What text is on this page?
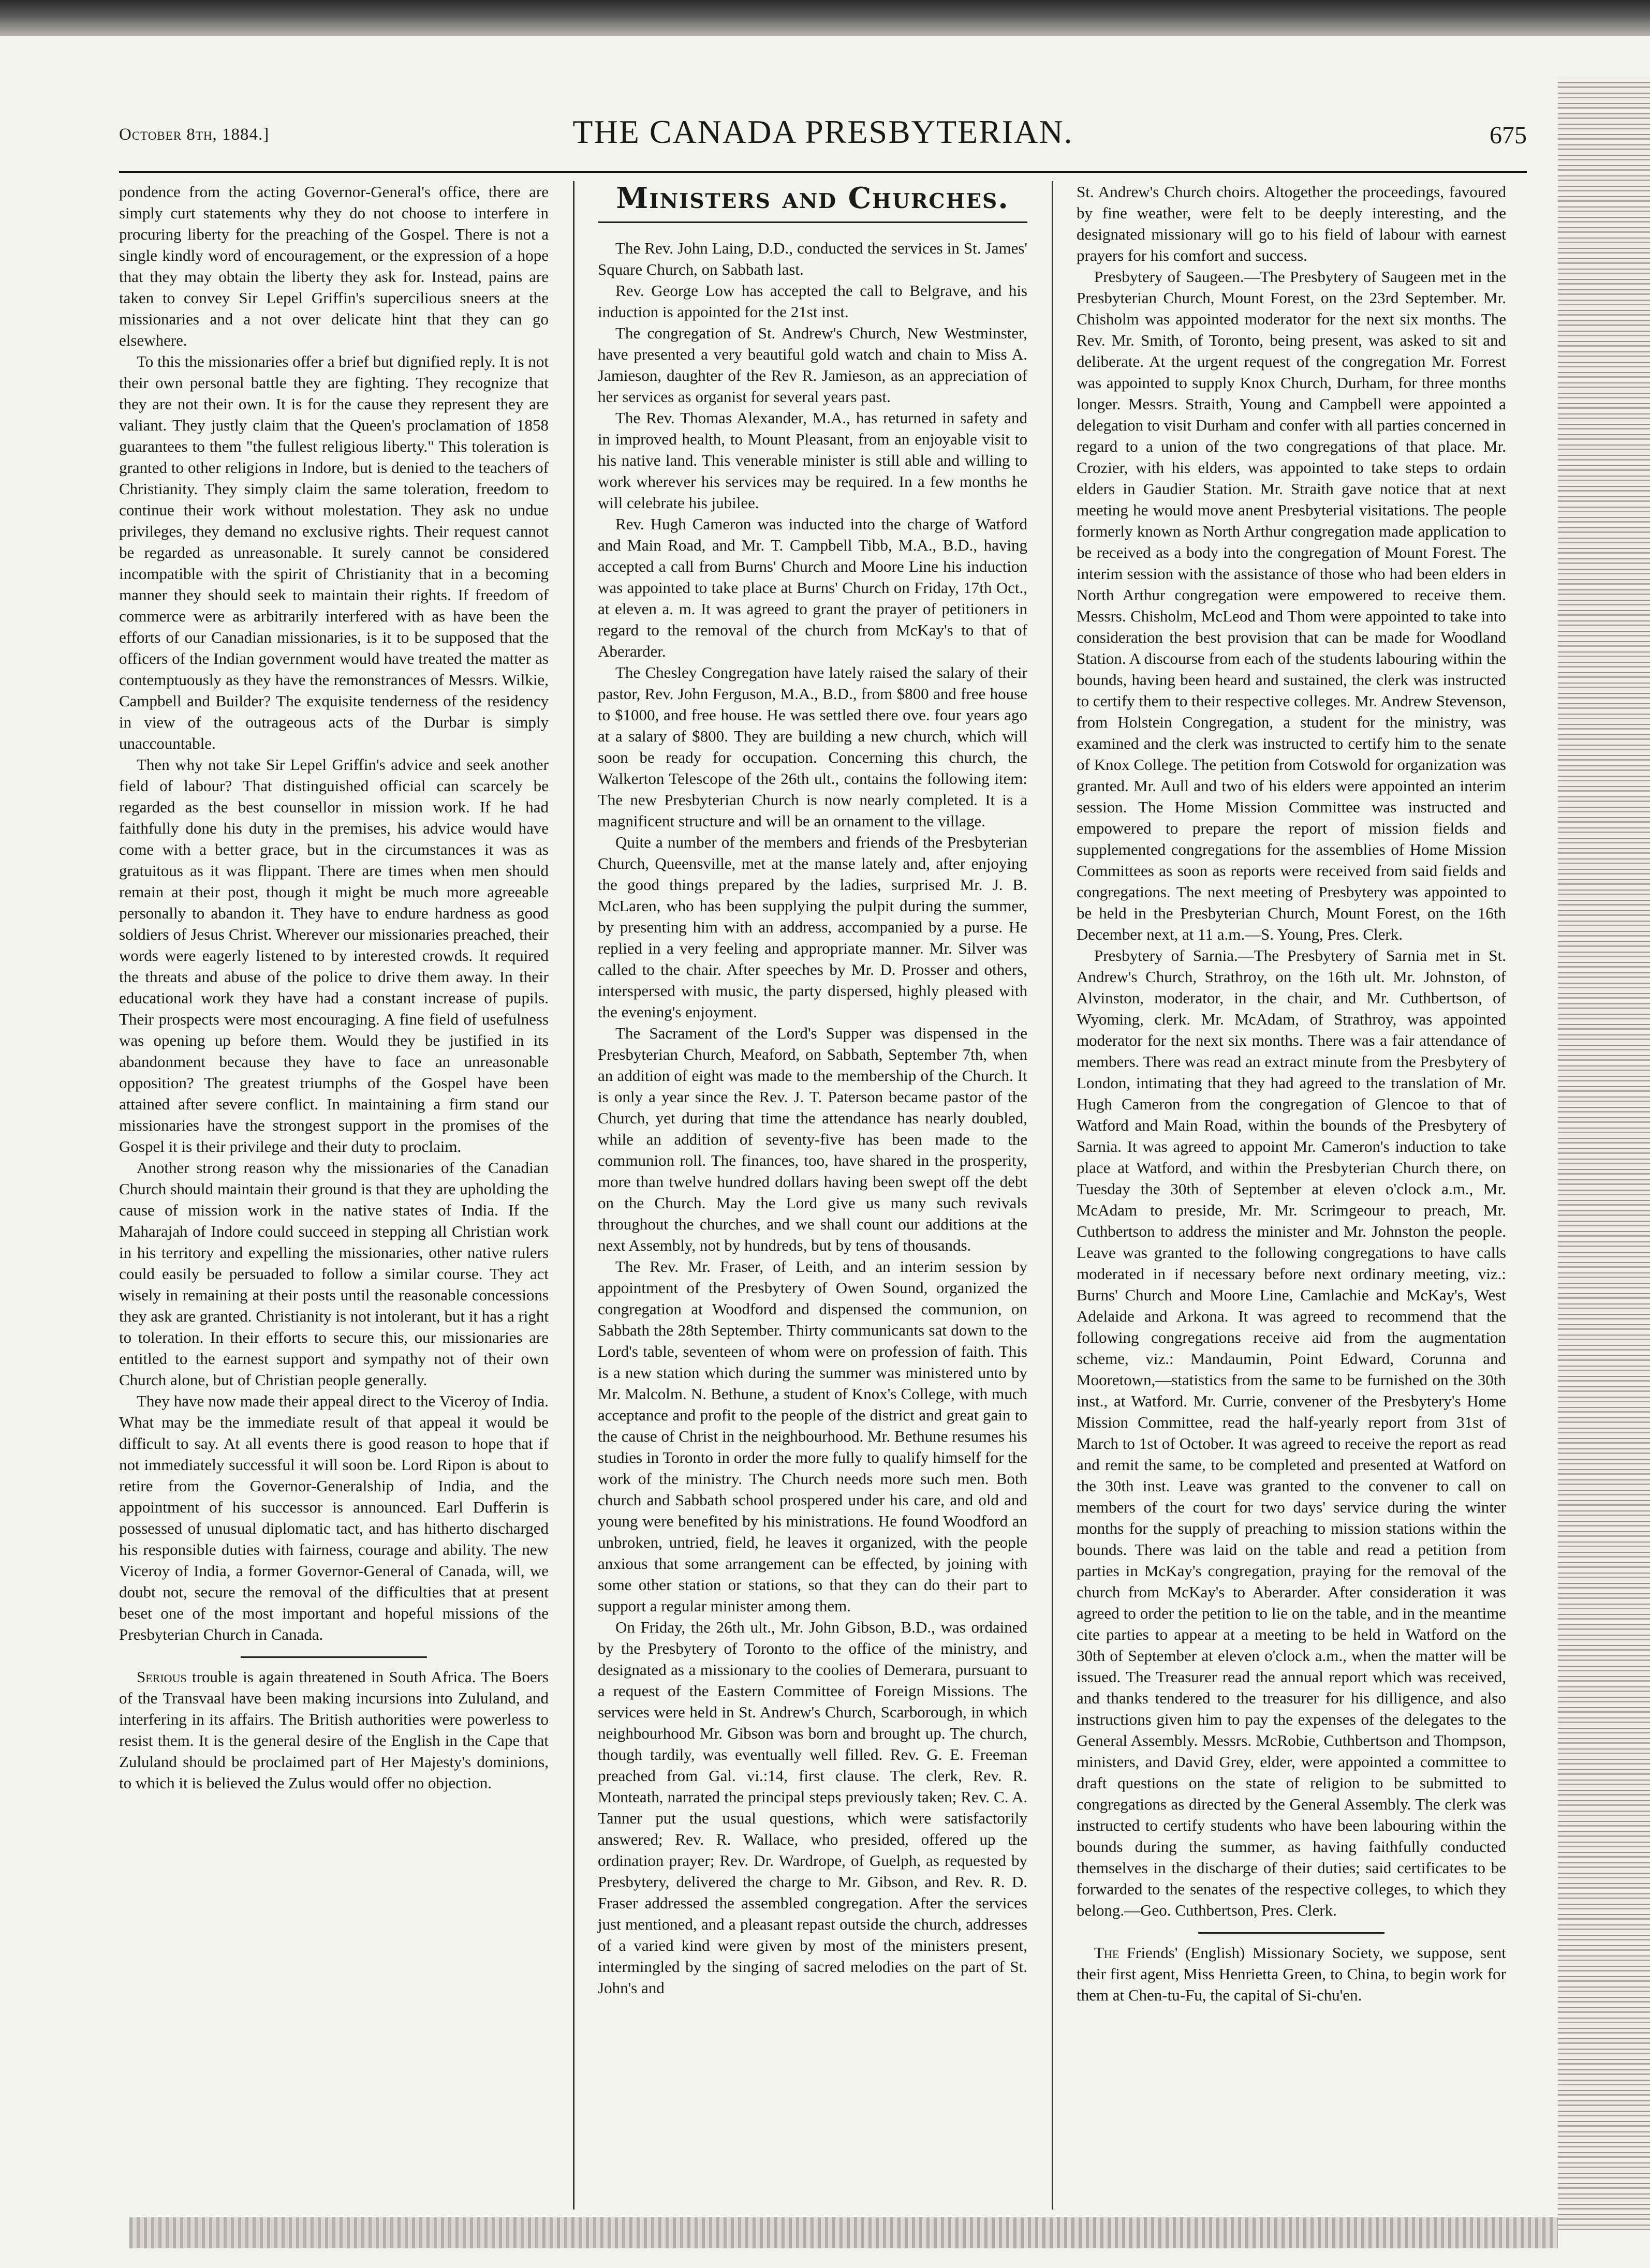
October 8th, 1884.]	THE CANADA PRESBYTERIAN.	675

pondence from the acting Governor-General's office, there are simply curt statements why they do not choose to interfere in procuring liberty for the preaching of the Gospel. There is not a single kindly word of encouragement, or the expression of a hope that they may obtain the liberty they ask for. Instead, pains are taken to convey Sir Lepel Griffin's supercilious sneers at the missionaries and a not over delicate hint that they can go elsewhere.

To this the missionaries offer a brief but dignified reply. It is not their own personal battle they are fighting. They recognize that they are not their own. It is for the cause they represent they are valiant. They justly claim that the Queen's proclamation of 1858 guarantees to them "the fullest religious liberty." This toleration is granted to other religions in Indore, but is denied to the teachers of Christianity. They simply claim the same toleration, freedom to continue their work without molestation. They ask no undue privileges, they demand no exclusive rights. Their request cannot be regarded as unreasonable. It surely cannot be considered incompatible with the spirit of Christianity that in a becoming manner they should seek to maintain their rights. If freedom of commerce were as arbitrarily interfered with as have been the efforts of our Canadian missionaries, is it to be supposed that the officers of the Indian government would have treated the matter as contemptuously as they have the remonstrances of Messrs. Wilkie, Campbell and Builder? The exquisite tenderness of the residency in view of the outrageous acts of the Durbar is simply unaccountable.

Then why not take Sir Lepel Griffin's advice and seek another field of labour? That distinguished official can scarcely be regarded as the best counsellor in mission work. If he had faithfully done his duty in the premises, his advice would have come with a better grace, but in the circumstances it was as gratuitous as it was flippant. There are times when men should remain at their post, though it might be much more agreeable personally to abandon it. They have to endure hardness as good soldiers of Jesus Christ. Wherever our missionaries preached, their words were eagerly listened to by interested crowds. It required the threats and abuse of the police to drive them away. In their educational work they have had a constant increase of pupils. Their prospects were most encouraging. A fine field of usefulness was opening up before them. Would they be justified in its abandonment because they have to face an unreasonable opposition? The greatest triumphs of the Gospel have been attained after severe conflict. In maintaining a firm stand our missionaries have the strongest support in the promises of the Gospel it is their privilege and their duty to proclaim.

Another strong reason why the missionaries of the Canadian Church should maintain their ground is that they are upholding the cause of mission work in the native states of India. If the Maharajah of Indore could succeed in stepping all Christian work in his territory and expelling the missionaries, other native rulers could easily be persuaded to follow a similar course. They act wisely in remaining at their posts until the reasonable concessions they ask are granted. Christianity is not intolerant, but it has a right to toleration. In their efforts to secure this, our missionaries are entitled to the earnest support and sympathy not of their own Church alone, but of Christian people generally.

They have now made their appeal direct to the Viceroy of India. What may be the immediate result of that appeal it would be difficult to say. At all events there is good reason to hope that if not immediately successful it will soon be. Lord Ripon is about to retire from the Governor-Generalship of India, and the appointment of his successor is announced. Earl Dufferin is possessed of unusual diplomatic tact, and has hitherto discharged his responsible duties with fairness, courage and ability. The new Viceroy of India, a former Governor-General of Canada, will, we doubt not, secure the removal of the difficulties that at present beset one of the most important and hopeful missions of the Presbyterian Church in Canada.

Serious trouble is again threatened in South Africa. The Boers of the Transvaal have been making incursions into Zululand, and interfering in its affairs. The British authorities were powerless to resist them. It is the general desire of the English in the Cape that Zululand should be proclaimed part of Her Majesty's dominions, to which it is believed the Zulus would offer no objection.

Ministers and Churches.

The Rev. John Laing, D.D., conducted the services in St. James' Square Church, on Sabbath last.

Rev. George Low has accepted the call to Belgrave, and his induction is appointed for the 21st inst.

The congregation of St. Andrew's Church, New Westminster, have presented a very beautiful gold watch and chain to Miss A. Jamieson, daughter of the Rev R. Jamieson, as an appreciation of her services as organist for several years past.

The Rev. Thomas Alexander, M.A., has returned in safety and in improved health, to Mount Pleasant, from an enjoyable visit to his native land. This venerable minister is still able and willing to work wherever his services may be required. In a few months he will celebrate his jubilee.

Rev. Hugh Cameron was inducted into the charge of Watford and Main Road, and Mr. T. Campbell Tibb, M.A., B.D., having accepted a call from Burns' Church and Moore Line his induction was appointed to take place at Burns' Church on Friday, 17th Oct., at eleven a. m. It was agreed to grant the prayer of petitioners in regard to the removal of the church from McKay's to that of Aberarder.

The Chesley Congregation have lately raised the salary of their pastor, Rev. John Ferguson, M.A., B.D., from $800 and free house to $1000, and free house. He was settled there ove. four years ago at a salary of $800. They are building a new church, which will soon be ready for occupation. Concerning this church, the Walkerton Telescope of the 26th ult., contains the following item: The new Presbyterian Church is now nearly completed. It is a magnificent structure and will be an ornament to the village.

Quite a number of the members and friends of the Presbyterian Church, Queensville, met at the manse lately and, after enjoying the good things prepared by the ladies, surprised Mr. J. B. McLaren, who has been supplying the pulpit during the summer, by presenting him with an address, accompanied by a purse. He replied in a very feeling and appropriate manner. Mr. Silver was called to the chair. After speeches by Mr. D. Prosser and others, interspersed with music, the party dispersed, highly pleased with the evening's enjoyment.

The Sacrament of the Lord's Supper was dispensed in the Presbyterian Church, Meaford, on Sabbath, September 7th, when an addition of eight was made to the membership of the Church. It is only a year since the Rev. J. T. Paterson became pastor of the Church, yet during that time the attendance has nearly doubled, while an addition of seventy-five has been made to the communion roll. The finances, too, have shared in the prosperity, more than twelve hundred dollars having been swept off the debt on the Church. May the Lord give us many such revivals throughout the churches, and we shall count our additions at the next Assembly, not by hundreds, but by tens of thousands.

The Rev. Mr. Fraser, of Leith, and an interim session by appointment of the Presbytery of Owen Sound, organized the congregation at Woodford and dispensed the communion, on Sabbath the 28th September. Thirty communicants sat down to the Lord's table, seventeen of whom were on profession of faith. This is a new station which during the summer was ministered unto by Mr. Malcolm. N. Bethune, a student of Knox's College, with much acceptance and profit to the people of the district and great gain to the cause of Christ in the neighbourhood. Mr. Bethune resumes his studies in Toronto in order the more fully to qualify himself for the work of the ministry. The Church needs more such men. Both church and Sabbath school prospered under his care, and old and young were benefited by his ministrations. He found Woodford an unbroken, untried, field, he leaves it organized, with the people anxious that some arrangement can be effected, by joining with some other station or stations, so that they can do their part to support a regular minister among them.

On Friday, the 26th ult., Mr. John Gibson, B.D., was ordained by the Presbytery of Toronto to the office of the ministry, and designated as a missionary to the coolies of Demerara, pursuant to a request of the Eastern Committee of Foreign Missions. The services were held in St. Andrew's Church, Scarborough, in which neighbourhood Mr. Gibson was born and brought up. The church, though tardily, was eventually well filled. Rev. G. E. Freeman preached from Gal. vi.:14, first clause. The clerk, Rev. R. Monteath, narrated the principal steps previously taken; Rev. C. A. Tanner put the usual questions, which were satisfactorily answered; Rev. R. Wallace, who presided, offered up the ordination prayer; Rev. Dr. Wardrope, of Guelph, as requested by Presbytery, delivered the charge to Mr. Gibson, and Rev. R. D. Fraser addressed the assembled congregation. After the services just mentioned, and a pleasant repast outside the church, addresses of a varied kind were given by most of the ministers present, intermingled by the singing of sacred melodies on the part of St. John's and

St. Andrew's Church choirs. Altogether the proceedings, favoured by fine weather, were felt to be deeply interesting, and the designated missionary will go to his field of labour with earnest prayers for his comfort and success.

Presbytery of Saugeen.—The Presbytery of Saugeen met in the Presbyterian Church, Mount Forest, on the 23rd September. Mr. Chisholm was appointed moderator for the next six months. The Rev. Mr. Smith, of Toronto, being present, was asked to sit and deliberate. At the urgent request of the congregation Mr. Forrest was appointed to supply Knox Church, Durham, for three months longer. Messrs. Straith, Young and Campbell were appointed a delegation to visit Durham and confer with all parties concerned in regard to a union of the two congregations of that place. Mr. Crozier, with his elders, was appointed to take steps to ordain elders in Gaudier Station. Mr. Straith gave notice that at next meeting he would move anent Presbyterial visitations. The people formerly known as North Arthur congregation made application to be received as a body into the congregation of Mount Forest. The interim session with the assistance of those who had been elders in North Arthur congregation were empowered to receive them. Messrs. Chisholm, McLeod and Thom were appointed to take into consideration the best provision that can be made for Woodland Station. A discourse from each of the students labouring within the bounds, having been heard and sustained, the clerk was instructed to certify them to their respective colleges. Mr. Andrew Stevenson, from Holstein Congregation, a student for the ministry, was examined and the clerk was instructed to certify him to the senate of Knox College. The petition from Cotswold for organization was granted. Mr. Aull and two of his elders were appointed an interim session. The Home Mission Committee was instructed and empowered to prepare the report of mission fields and supplemented congregations for the assemblies of Home Mission Committees as soon as reports were received from said fields and congregations. The next meeting of Presbytery was appointed to be held in the Presbyterian Church, Mount Forest, on the 16th December next, at 11 a.m.—S. Young, Pres. Clerk.

Presbytery of Sarnia.—The Presbytery of Sarnia met in St. Andrew's Church, Strathroy, on the 16th ult. Mr. Johnston, of Alvinston, moderator, in the chair, and Mr. Cuthbertson, of Wyoming, clerk. Mr. McAdam, of Strathroy, was appointed moderator for the next six months. There was a fair attendance of members. There was read an extract minute from the Presbytery of London, intimating that they had agreed to the translation of Mr. Hugh Cameron from the congregation of Glencoe to that of Watford and Main Road, within the bounds of the Presbytery of Sarnia. It was agreed to appoint Mr. Cameron's induction to take place at Watford, and within the Presbyterian Church there, on Tuesday the 30th of September at eleven o'clock a.m., Mr. McAdam to preside, Mr. Mr. Scrimgeour to preach, Mr. Cuthbertson to address the minister and Mr. Johnston the people. Leave was granted to the following congregations to have calls moderated in if necessary before next ordinary meeting, viz.: Burns' Church and Moore Line, Camlachie and McKay's, West Adelaide and Arkona. It was agreed to recommend that the following congregations receive aid from the augmentation scheme, viz.: Mandaumin, Point Edward, Corunna and Mooretown,—statistics from the same to be furnished on the 30th inst., at Watford. Mr. Currie, convener of the Presbytery's Home Mission Committee, read the half-yearly report from 31st of March to 1st of October. It was agreed to receive the report as read and remit the same, to be completed and presented at Watford on the 30th inst. Leave was granted to the convener to call on members of the court for two days' service during the winter months for the supply of preaching to mission stations within the bounds. There was laid on the table and read a petition from parties in McKay's congregation, praying for the removal of the church from McKay's to Aberarder. After consideration it was agreed to order the petition to lie on the table, and in the meantime cite parties to appear at a meeting to be held in Watford on the 30th of September at eleven o'clock a.m., when the matter will be issued. The Treasurer read the annual report which was received, and thanks tendered to the treasurer for his dilligence, and also instructions given him to pay the expenses of the delegates to the General Assembly. Messrs. McRobie, Cuthbertson and Thompson, ministers, and David Grey, elder, were appointed a committee to draft questions on the state of religion to be submitted to congregations as directed by the General Assembly. The clerk was instructed to certify students who have been labouring within the bounds during the summer, as having faithfully conducted themselves in the discharge of their duties; said certificates to be forwarded to the senates of the respective colleges, to which they belong.—Geo. Cuthbertson, Pres. Clerk.

The Friends' (English) Missionary Society, we suppose, sent their first agent, Miss Henrietta Green, to China, to begin work for them at Chen-tu-Fu, the capital of Si-chu'en.
